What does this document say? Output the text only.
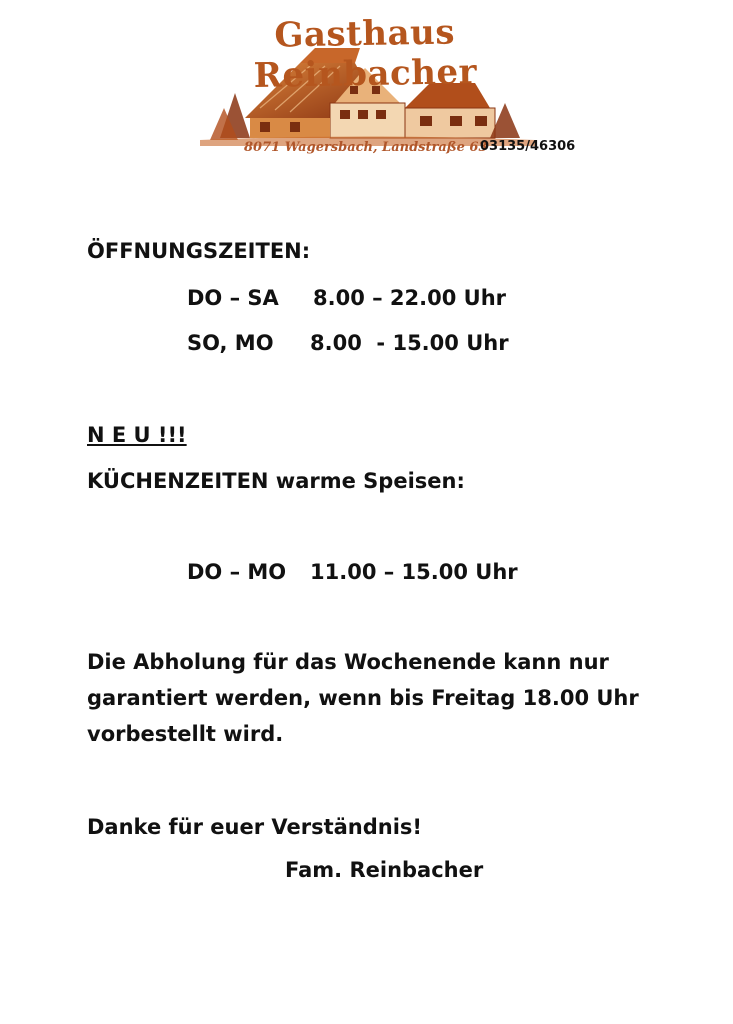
Gasthaus Reinbacher
8071 Wagersbach, Landstraße 63
03135/46306
ÖFFNUNGSZEITEN:
DO – SA 8.00 – 22.00 Uhr
SO, MO 8.00  - 15.00 Uhr
N E U !!!
KÜCHENZEITEN warme Speisen:
DO – MO 11.00 – 15.00 Uhr
Die Abholung für das Wochenende kann nur
garantiert werden, wenn bis Freitag 18.00 Uhr
vorbestellt wird.
Danke für euer Verständnis!
Fam. Reinbacher
